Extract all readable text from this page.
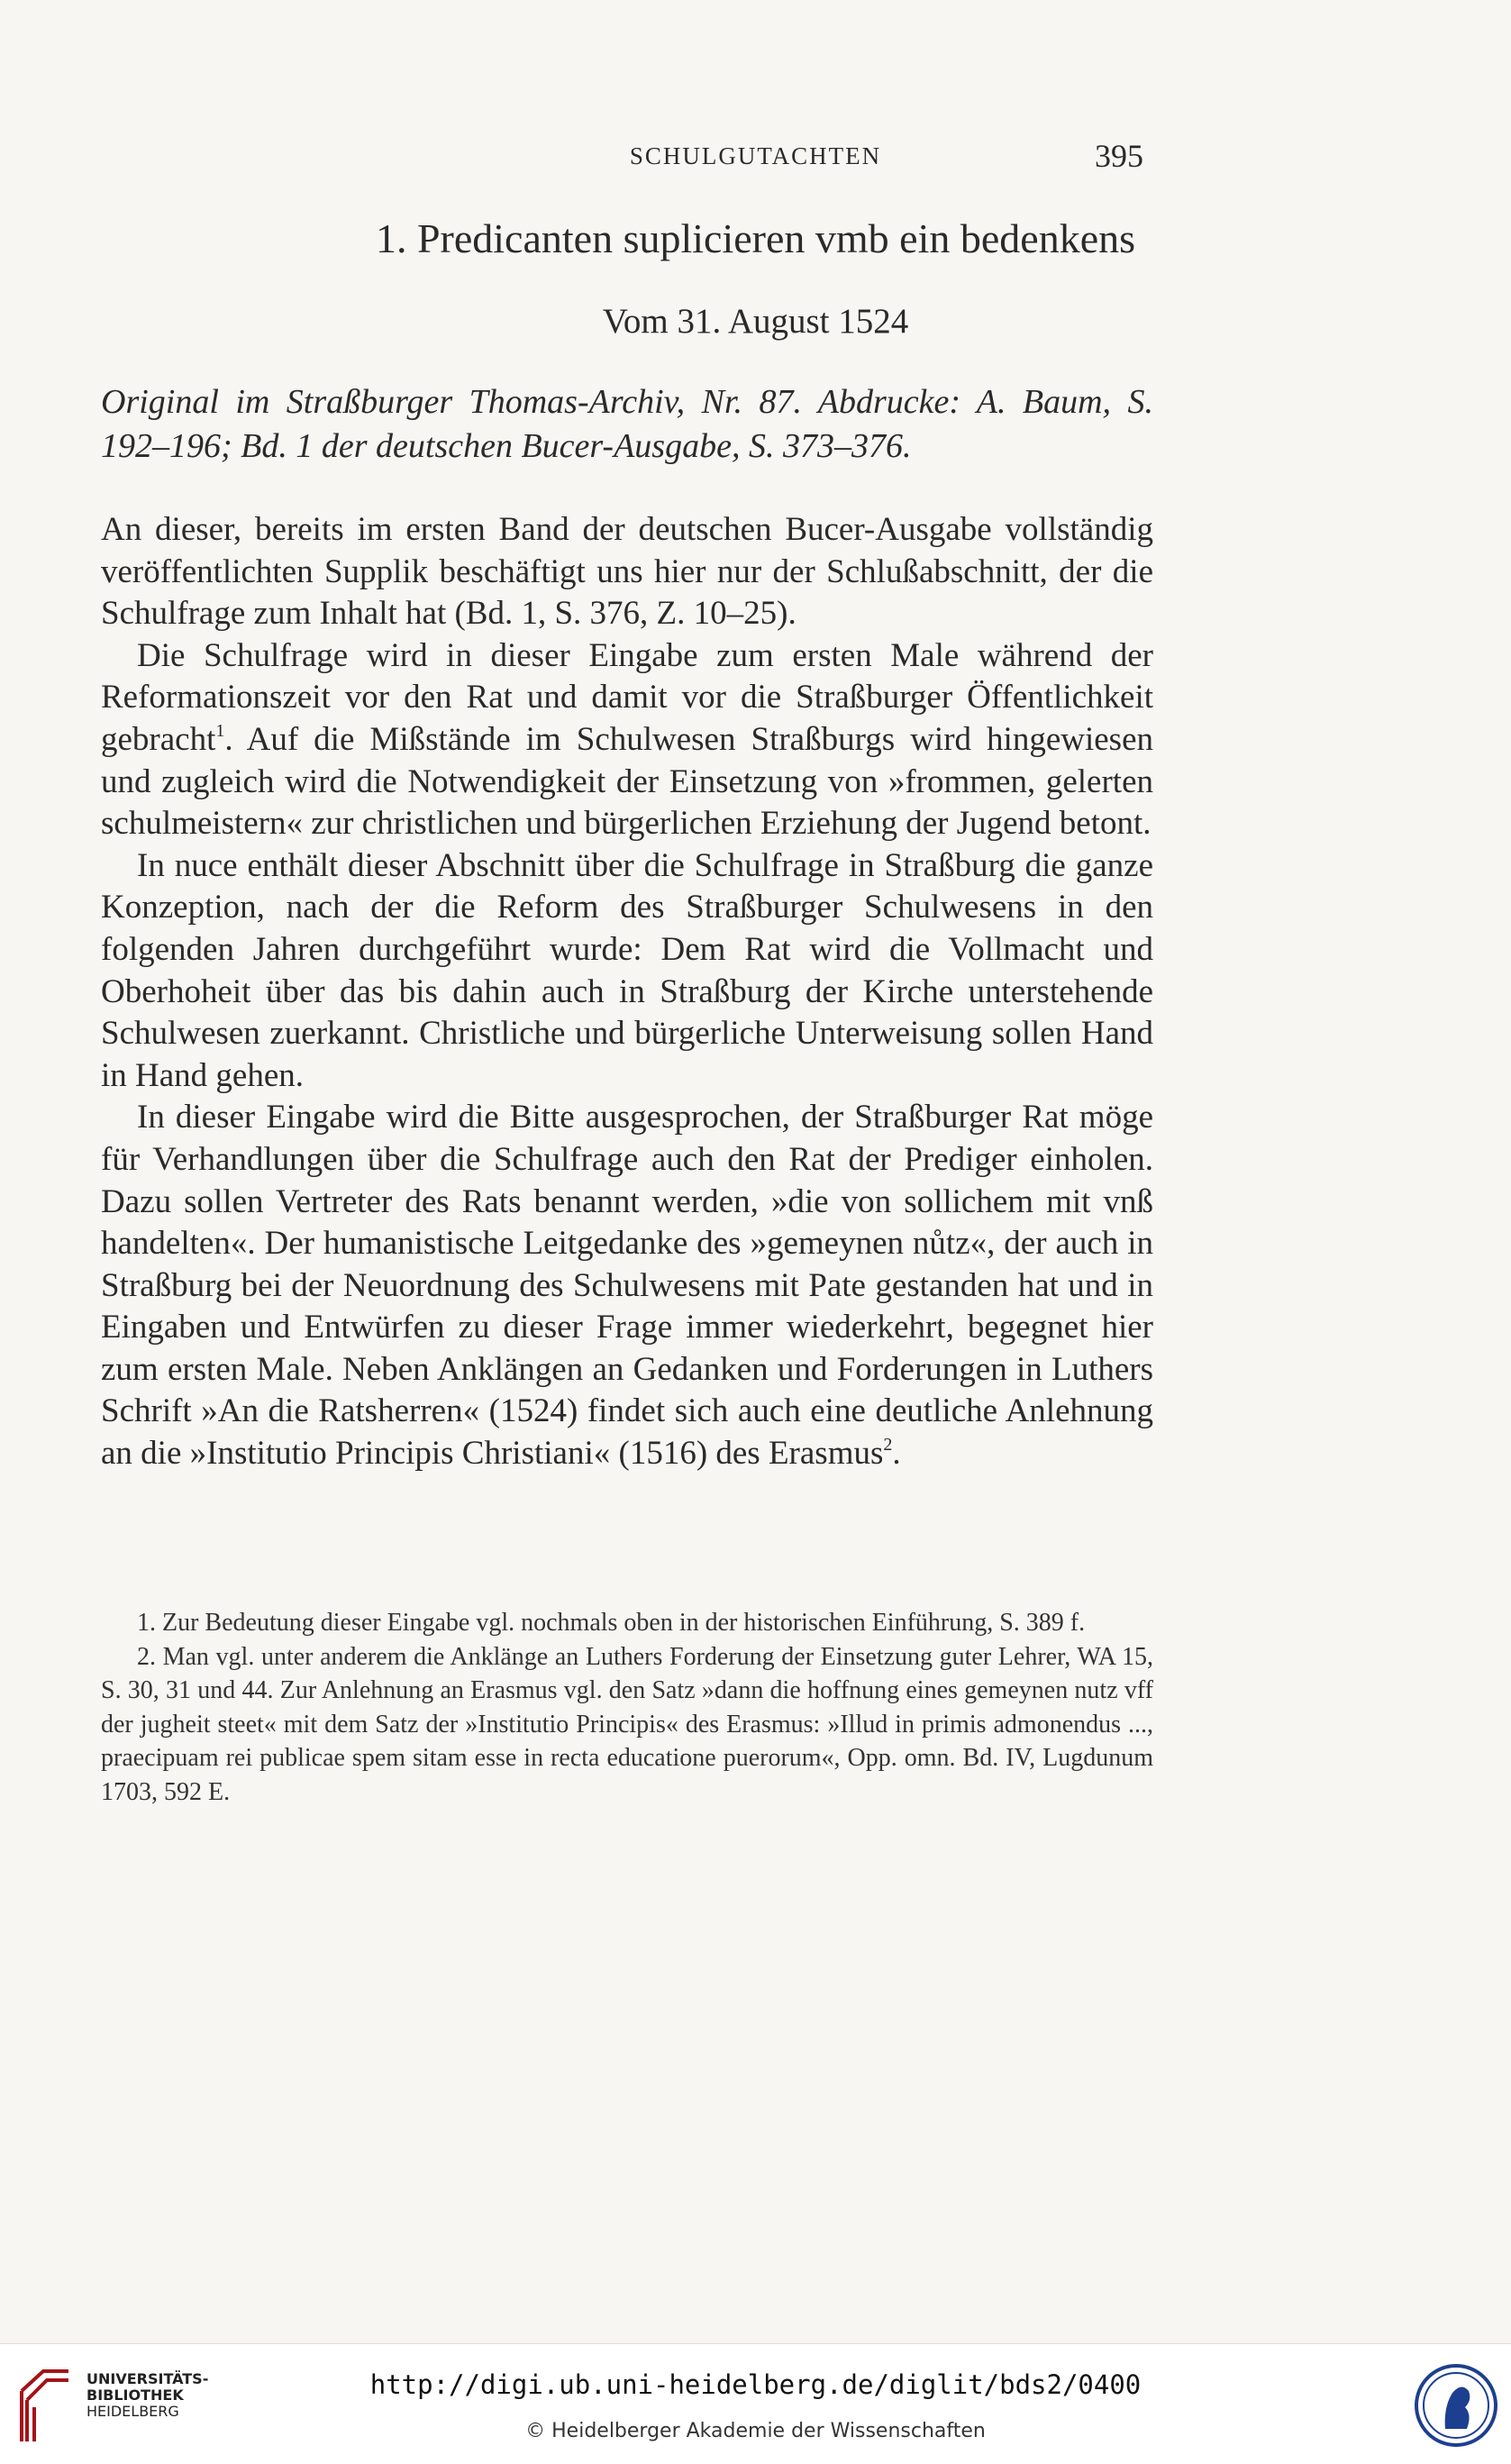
SCHULGUTACHTEN	395
1. Predicanten suplicieren vmb ein bedenkens
Vom 31. August 1524
Original im Straßburger Thomas-Archiv, Nr. 87. Abdrucke: A. Baum, S. 192–196; Bd. 1 der deutschen Bucer-Ausgabe, S. 373–376.

An dieser, bereits im ersten Band der deutschen Bucer-Ausgabe vollständig veröffentlichten Supplik beschäftigt uns hier nur der Schlußabschnitt, der die Schulfrage zum Inhalt hat (Bd. 1, S. 376, Z. 10–25).

Die Schulfrage wird in dieser Eingabe zum ersten Male während der Reformationszeit vor den Rat und damit vor die Straßburger Öffentlichkeit gebracht$^1$. Auf die Mißstände im Schulwesen Straßburgs wird hingewiesen und zugleich wird die Notwendigkeit der Einsetzung von »frommen, gelerten schulmeistern« zur christlichen und bürgerlichen Erziehung der Jugend betont.

In nuce enthält dieser Abschnitt über die Schulfrage in Straßburg die ganze Konzeption, nach der die Reform des Straßburger Schulwesens in den folgenden Jahren durchgeführt wurde: Dem Rat wird die Vollmacht und Oberhoheit über das bis dahin auch in Straßburg der Kirche unterstehende Schulwesen zuerkannt. Christliche und bürgerliche Unterweisung sollen Hand in Hand gehen.

In dieser Eingabe wird die Bitte ausgesprochen, der Straßburger Rat möge für Verhandlungen über die Schulfrage auch den Rat der Prediger einholen. Dazu sollen Vertreter des Rats benannt werden, »die von sollichem mit vnß handelten«. Der humanistische Leitgedanke des »gemeynen nůtz«, der auch in Straßburg bei der Neuordnung des Schulwesens mit Pate gestanden hat und in Eingaben und Entwürfen zu dieser Frage immer wiederkehrt, begegnet hier zum ersten Male. Neben Anklängen an Gedanken und Forderungen in Luthers Schrift »An die Ratsherren« (1524) findet sich auch eine deutliche Anlehnung an die »Institutio Principis Christiani« (1516) des Erasmus$^2$.

1. Zur Bedeutung dieser Eingabe vgl. nochmals oben in der historischen Einführung, S. 389 f.

2. Man vgl. unter anderem die Anklänge an Luthers Forderung der Einsetzung guter Lehrer, WA 15, S. 30, 31 und 44. Zur Anlehnung an Erasmus vgl. den Satz »dann die hoffnung eines gemeynen nutz vff der jugheit steet« mit dem Satz der »Institutio Principis« des Erasmus: »Illud in primis admonendus ..., praecipuam rei publicae spem sitam esse in recta educatione puerorum«, Opp. omn. Bd. IV, Lugdunum 1703, 592 E.

UNIVERSITÄTS-
BIBLIOTHEK
HEIDELBERG
http://digi.ub.uni-heidelberg.de/diglit/bds2/0400
© Heidelberger Akademie der Wissenschaften
